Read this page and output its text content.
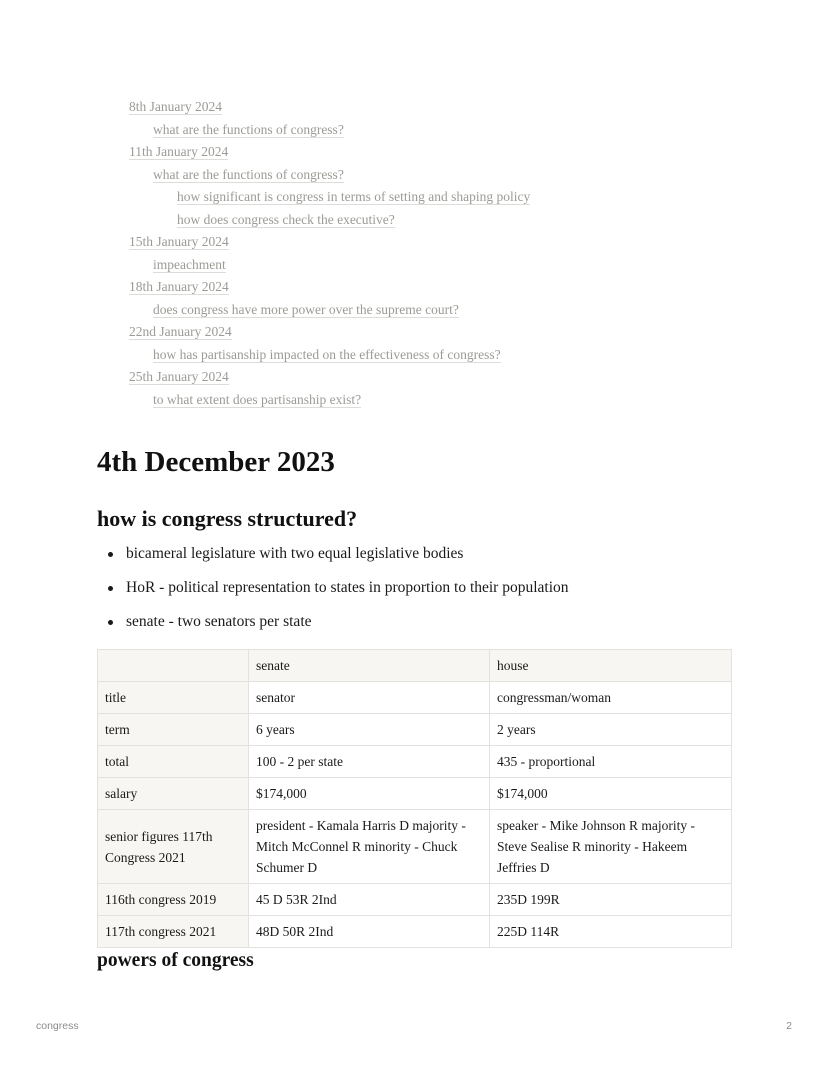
8th January 2024
what are the functions of congress?
11th January 2024
what are the functions of congress?
how significant is congress in terms of setting and shaping policy
how does congress check the executive?
15th January 2024
impeachment
18th January 2024
does congress have more power over the supreme court?
22nd January 2024
how has partisanship impacted on the effectiveness of congress?
25th January 2024
to what extent does partisanship exist?
4th December 2023
how is congress structured?
bicameral legislature with two equal legislative bodies
HoR - political representation to states in proportion to their population
senate - two senators per state
	senate	house
title	senator	congressman/woman
term	6 years	2 years
total	100 - 2 per state	435 - proportional
salary	$174,000	$174,000
senior figures 117th Congress 2021	president - Kamala Harris D majority - Mitch McConnel R minority - Chuck Schumer D	speaker - Mike Johnson R majority - Steve Sealise R minority - Hakeem Jeffries D
116th congress 2019	45 D 53R 2Ind	235D 199R
117th congress 2021	48D 50R 2Ind	225D 114R
powers of congress
congress	2
